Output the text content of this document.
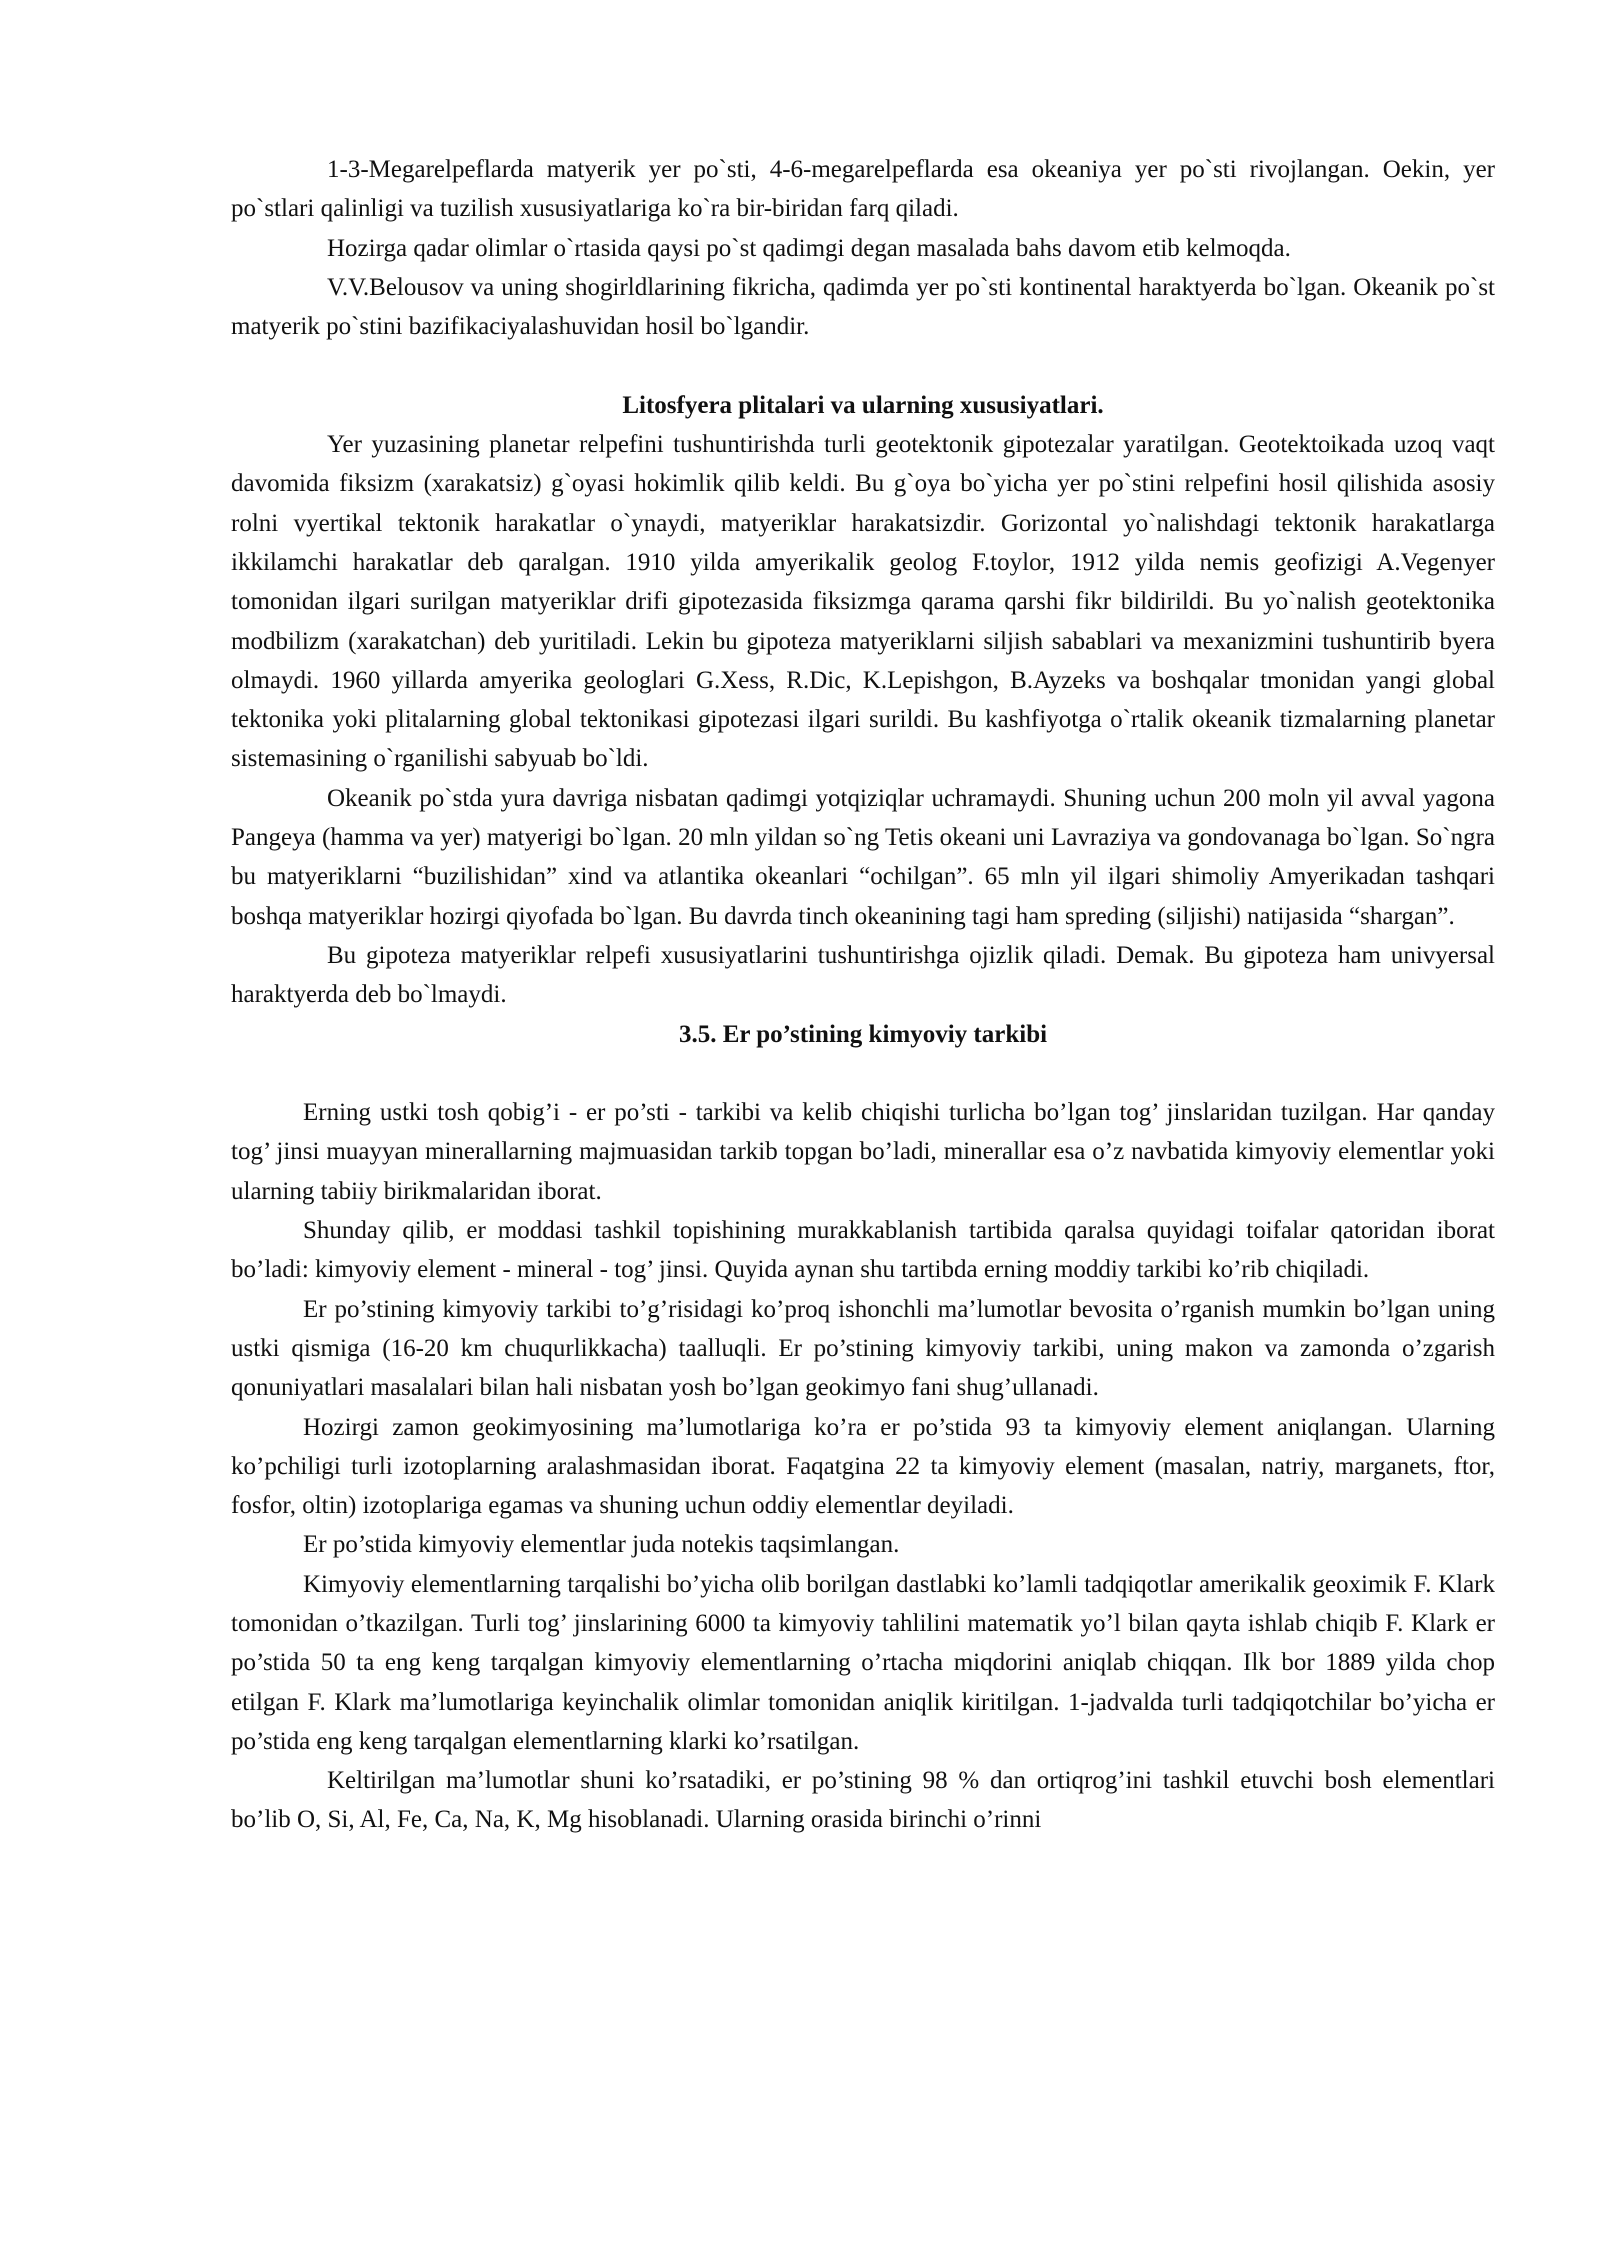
1-3-Megarelpeflarda matyerik yer po`sti, 4-6-megarelpeflarda esa okeaniya yer po`sti rivojlangan. Oekin, yer po`stlari qalinligi va tuzilish xususiyatlariga ko`ra bir-biridan farq qiladi.

Hozirga qadar olimlar o`rtasida qaysi po`st qadimgi degan masalada bahs davom etib kelmoqda.

V.V.Belousov va uning shogirldlarining fikricha, qadimda yer po`sti kontinental haraktyerda bo`lgan. Okeanik po`st matyerik po`stini bazifikaciyalashuvidan hosil bo`lgandir.

Litosfyera plitalari va ularning xususiyatlari.

Yer yuzasining planetar relpefini tushuntirishda turli geotektonik gipotezalar yaratilgan. Geotektoikada uzoq vaqt davomida fiksizm (xarakatsiz) g`oyasi hokimlik qilib keldi. Bu g`oya bo`yicha yer po`stini relpefini hosil qilishida asosiy rolni vyertikal tektonik harakatlar o`ynaydi, matyeriklar harakatsizdir. Gorizontal yo`nalishdagi tektonik harakatlarga ikkilamchi harakatlar deb qaralgan. 1910 yilda amyerikalik geolog F.toylor, 1912 yilda nemis geofizigi A.Vegenyer tomonidan ilgari surilgan matyeriklar drifi gipotezasida fiksizmga qarama qarshi fikr bildirildi. Bu yo`nalish geotektonika modbilizm (xarakatchan) deb yuritiladi. Lekin bu gipoteza matyeriklarni siljish sabablari va mexanizmini tushuntirib byera olmaydi. 1960 yillarda amyerika geologlari G.Xess, R.Dic, K.Lepishgon, B.Ayzeks va boshqalar tmonidan yangi global tektonika yoki plitalarning global tektonikasi gipotezasi ilgari surildi. Bu kashfiyotga o`rtalik okeanik tizmalarning planetar sistemasining o`rganilishi sabyuab bo`ldi.

Okeanik po`stda yura davriga nisbatan qadimgi yotqiziqlar uchramaydi. Shuning uchun 200 moln yil avval yagona Pangeya (hamma va yer) matyerigi bo`lgan. 20 mln yildan so`ng Tetis okeani uni Lavraziya va gondovanaga bo`lgan. So`ngra bu matyeriklarni “buzilishidan” xind va atlantika okeanlari “ochilgan”. 65 mln yil ilgari shimoliy Amyerikadan tashqari boshqa matyeriklar hozirgi qiyofada bo`lgan. Bu davrda tinch okeanining tagi ham spreding (siljishi) natijasida “shargan”.

Bu gipoteza matyeriklar relpefi xususiyatlarini tushuntirishga ojizlik qiladi. Demak. Bu gipoteza ham univyersal haraktyerda deb bo`lmaydi.

3.5. Er po’stining kimyoviy tarkibi

Erning ustki tosh qobig’i - er po’sti - tarkibi va kelib chiqishi turlicha bo’lgan tog’ jinslaridan tuzilgan. Har qanday tog’ jinsi muayyan minerallarning majmuasidan tarkib topgan bo’ladi, minerallar esa o’z navbatida kimyoviy elementlar yoki ularning tabiiy birikmalaridan iborat.

Shunday qilib, er moddasi tashkil topishining murakkablanish tartibida qaralsa quyidagi toifalar qatoridan iborat bo’ladi: kimyoviy element - mineral - tog’ jinsi. Quyida aynan shu tartibda erning moddiy tarkibi ko’rib chiqiladi.

Er po’stining kimyoviy tarkibi to’g’risidagi ko’proq ishonchli ma’lumotlar bevosita o’rganish mumkin bo’lgan uning ustki qismiga (16-20 km chuqurlikkacha) taalluqli. Er po’stining kimyoviy tarkibi, uning makon va zamonda o’zgarish qonuniyatlari masalalari bilan hali nisbatan yosh bo’lgan geokimyo fani shug’ullanadi.

Hozirgi zamon geokimyosining ma’lumotlariga ko’ra er po’stida 93 ta kimyoviy element aniqlangan. Ularning ko’pchiligi turli izotoplarning aralashmasidan iborat. Faqatgina 22 ta kimyoviy element (masalan, natriy, marganets, ftor, fosfor, oltin) izotoplariga egamas va shuning uchun oddiy elementlar deyiladi.

Er po’stida kimyoviy elementlar juda notekis taqsimlangan.

Kimyoviy elementlarning tarqalishi bo’yicha olib borilgan dastlabki ko’lamli tadqiqotlar amerikalik geoximik F. Klark tomonidan o’tkazilgan. Turli tog’ jinslarining 6000 ta kimyoviy tahlilini matematik yo’l bilan qayta ishlab chiqib F. Klark er po’stida 50 ta eng keng tarqalgan kimyoviy elementlarning o’rtacha miqdorini aniqlab chiqqan. Ilk bor 1889 yilda chop etilgan F. Klark ma’lumotlariga keyinchalik olimlar tomonidan aniqlik kiritilgan. 1-jadvalda turli tadqiqotchilar bo’yicha er po’stida eng keng tarqalgan elementlarning klarki ko’rsatilgan.

Keltirilgan ma’lumotlar shuni ko’rsatadiki, er po’stining 98 % dan ortiqrog’ini tashkil etuvchi bosh elementlari bo’lib O, Si, Al, Fe, Ca, Na, K, Mg hisoblanadi. Ularning orasida birinchi o’rinni
